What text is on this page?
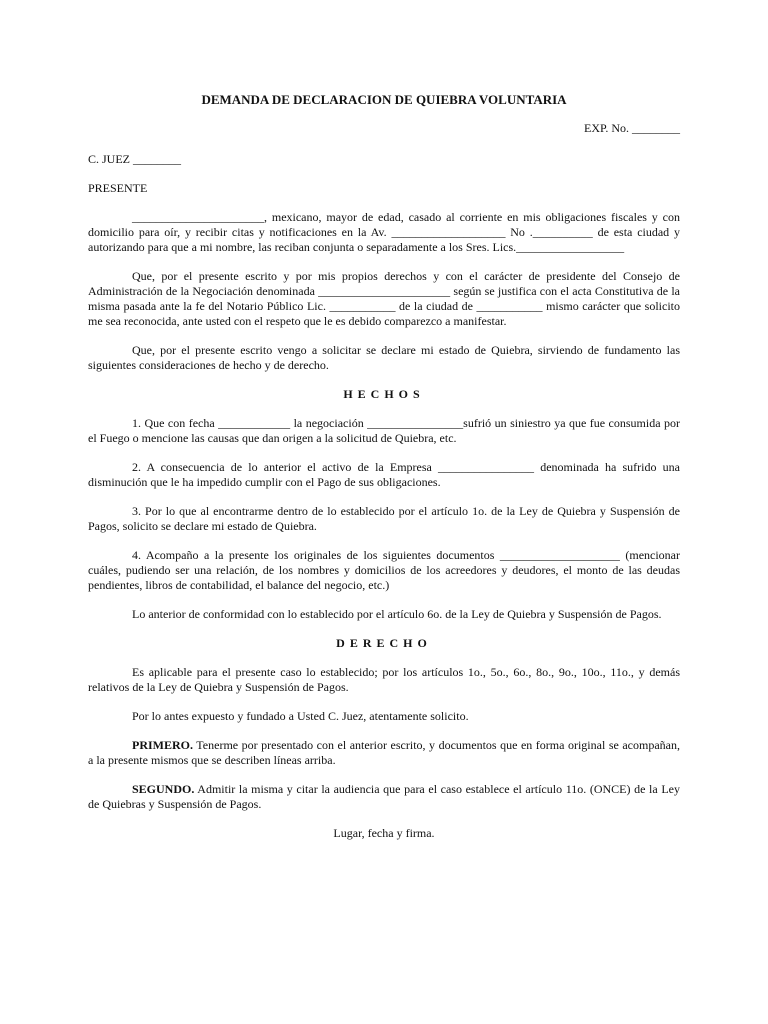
DEMANDA DE DECLARACION DE QUIEBRA VOLUNTARIA
EXP. No. ________
C. JUEZ ________
PRESENTE

______________________, mexicano, mayor de edad, casado al corriente en mis obligaciones fiscales y con domicilio para oír, y recibir citas y notificaciones en la Av. ___________________ No .__________ de esta ciudad y autorizando para que a mi nombre, las reciban conjunta o separadamente a los Sres. Lics.__________________

Que, por el presente escrito y por mis propios derechos y con el carácter de presidente del Consejo de Administración de la Negociación denominada ______________________ según se justifica con el acta Constitutiva de la misma pasada ante la fe del Notario Público Lic. ___________ de la ciudad de ___________ mismo carácter que solicito me sea reconocida, ante usted con el respeto que le es debido comparezco a manifestar.

Que, por el presente escrito vengo a solicitar se declare mi estado de Quiebra, sirviendo de fundamento las siguientes consideraciones de hecho y de derecho.

HECHOS

1. Que con fecha ____________ la negociación ________________sufrió un siniestro ya que fue consumida por el Fuego o mencione las causas que dan origen a la solicitud de Quiebra, etc.

2. A consecuencia de lo anterior el activo de la Empresa ________________ denominada ha sufrido una disminución que le ha impedido cumplir con el Pago de sus obligaciones.

3. Por lo que al encontrarme dentro de lo establecido por el artículo 1o. de la Ley de Quiebra y Suspensión de Pagos, solicito se declare mi estado de Quiebra.

4. Acompaño a la presente los originales de los siguientes documentos ____________________ (mencionar cuáles, pudiendo ser una relación, de los nombres y domicilios de los acreedores y deudores, el monto de las deudas pendientes, libros de contabilidad, el balance del negocio, etc.)

Lo anterior de conformidad con lo establecido por el artículo 6o. de la Ley de Quiebra y Suspensión de Pagos.

DERECHO

Es aplicable para el presente caso lo establecido; por los artículos 1o., 5o., 6o., 8o., 9o., 10o., 11o., y demás relativos de la Ley de Quiebra y Suspensión de Pagos.

Por lo antes expuesto y fundado a Usted C. Juez, atentamente solicito.

PRIMERO. Tenerme por presentado con el anterior escrito, y documentos que en forma original se acompañan, a la presente mismos que se describen líneas arriba.

SEGUNDO. Admitir la misma y citar la audiencia que para el caso establece el artículo 11o. (ONCE) de la Ley de Quiebras y Suspensión de Pagos.

Lugar, fecha y firma.
